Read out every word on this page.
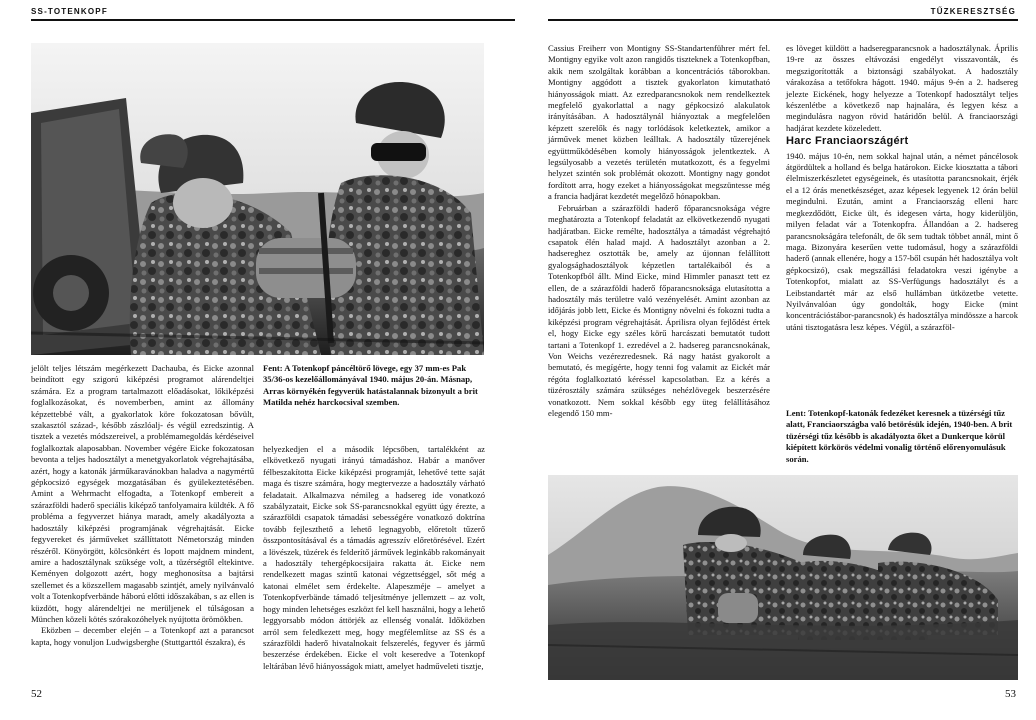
SS-TOTENKOPF	TŰZKERESZTSÉG

jelölt teljes létszám megérkezett Dachauba, és Eicke azonnal beindított egy szigorú kiképzési programot alárendeltjei számára. Ez a program tartalmazott előadásokat, lőkiképzési foglalkozásokat, és novemberben, amint az állomány képzettebbé vált, a gyakorlatok köre fokozatosan bővült, szakasztól század-, később zászlóalj- és végül ezredszintig. A tisztek a vezetés módszereivel, a problémamegoldás kérdéseivel foglalkoztak alaposabban. November végére Eicke fokozatosan bevonta a teljes hadosztályt a menetgyakorlatok végrehajtásába, azért, hogy a katonák járműkaravánokban haladva a nagymértű gépkocsizó egységek mozgatásában és gyülekeztetésében. Amint a Wehrmacht elfogadta, a Totenkopf embereit a szárazföldi haderő speciális kiképző tanfolyamaira küldték. A fő probléma a fegyverzet hiánya maradt, amely akadályozta a hadosztály kiképzési programjának végrehajtását. Eicke fegyvereket és járműveket szállíttatott Németország minden részéről. Könyörgött, kölcsönkért és lopott majdnem mindent, amire a hadosztálynak szüksége volt, a tüzérségtől eltekintve. Keményen dolgozott azért, hogy meghonosítsa a bajtársi szellemet és a közszellem magasabb szintjét, amely nyilvánvaló volt a Totenkopfverbände háború előtti időszakában, s az ellen is küzdött, hogy alárendeltjei ne merüljenek el túlságosan a München közeli kötés szórakozóhelyek nyújtotta örömökben.

Eközben – december elején – a Totenkopf azt a parancsot kapta, hogy vonuljon Ludwigsberghe (Stuttgarttól északra), és

Fent: A Totenkopf páncéltörő lövege, egy 37 mm-es Pak 35/36-os kezelőállományával 1940. május 20-án. Másnap, Arras környékén fegyverük hatástalannak bizonyult a brit Matilda nehéz harckocsival szemben.

helyezkedjen el a második lépcsőben, tartalékként az elkövetkező nyugati irányú támadáshoz. Habár a manőver félbeszakította Eicke kiképzési programját, lehetővé tette saját maga és tiszre számára, hogy megtervezze a hadosztály várható feladatait. Alkalmazva némileg a hadsereg ide vonatkozó szabályzatait, Eicke sok SS-parancsnokkal együtt úgy érezte, a szárazföldi csapatok támadási sebességére vonatkozó doktrína tovább fejleszthető a lehető legnagyobb, előretolt tűzerő összpontosításával és a támadás agresszív előretörésével. Ezért a lövészek, tüzérek és felderítő járművek leginkább rakományait a hadosztály tehergépkocsijaira rakatta át. Eicke nem rendelkezett magas szintű katonai végzettséggel, sőt még a katonai elmélet sem érdekelte. Alapeszméje – amelyet a Totenkopfverbände támadó teljesítménye jellemzett – az volt, hogy minden lehetséges eszközt fel kell használni, hogy a lehető leggyorsabb módon áttörjék az ellenség vonalát. Időközben arról sem feledkezett meg, hogy megfélemlítse az SS és a szárazföldi haderő hivatalnokait felszerelés, fegyver és jármű beszerzése érdekében. Eicke el volt keseredve a Totenkopf leltárában lévő hiányosságok miatt, amelyet hadműveleti tisztje,

52

Cassius Freiherr von Montigny SS-Standartenführer mért fel. Montigny egyike volt azon rangidős tiszteknek a Totenkopfban, akik nem szolgáltak korábban a koncentrációs táborokban. Montigny aggódott a tisztek gyakorlaton kimutatható hiányosságok miatt. Az ezredparancsnokok nem rendelkeztek megfelelő gyakorlattal a nagy gépkocsizó alakulatok irányításában. A hadosztálynál hiányoztak a megfelelően képzett szerelők és nagy torlódások keletkeztek, amikor a járművek menet közben leálltak. A hadosztály tűzerejének együttműködésében komoly hiányosságok jelentkeztek. A legsúlyosabb a vezetés területén mutatkozott, és a fegyelmi helyzet szintén sok problémát okozott. Montigny nagy gondot fordított arra, hogy ezeket a hiányosságokat megszüntesse még a francia hadjárat kezdetét megelőző hónapokban.

Februárban a szárazföldi haderő főparancsnoksága végre meghatározta a Totenkopf feladatát az elkövetkezendő nyugati hadjáratban. Eicke remélte, hadosztálya a támadást végrehajtó csapatok élén halad majd. A hadosztályt azonban a 2. hadsereghez osztották be, amely az újonnan felállított gyalogsághadosztályok képzetlen tartalékaiból és a Totenkopfból állt. Mind Eicke, mind Himmler panaszt tett ez ellen, de a szárazföldi haderő főparancsnoksága elutasította a hadosztály más területre való vezényelését. Amint azonban az időjárás jobb lett, Eicke és Montigny növelni és fokozni tudta a kiképzési program végrehajtását. Áprilisra olyan fejlődést értek el, hogy Eicke egy széles körű harcászati bemutatót tudott tartani a Totenkopf 1. ezredével a 2. hadsereg parancsnokának, Von Weichs vezérezredesnek. Rá nagy hatást gyakorolt a bemutató, és megígérte, hogy tenni fog valamit az Eickét már régóta foglalkoztató kéréssel kapcsolatban. Ez a kérés a tüzérosztály számára szükséges nehézlövegek beszerzésére vonatkozott. Nem sokkal később egy üteg felállításához elegendő 150 mm-

es löveget küldött a hadseregparancsnok a hadosztálynak. Április 19-re az összes eltávozási engedélyt visszavonták, és megszigorították a biztonsági szabályokat. A hadosztály várakozása a tetőfokra hágott. 1940. május 9-én a 2. hadsereg jelezte Eickének, hogy helyezze a Totenkopf hadosztályt teljes készenlétbe a következő nap hajnalára, és legyen kész a megindulásra nagyon rövid határidőn belül. A franciaországi hadjárat kezdete közeledett.

Harc Franciaországért

1940. május 10-én, nem sokkal hajnal után, a német páncélosok átgördültek a holland és belga határokon. Eicke kiosztatta a tábori élelmiszerkészletet egységeinek, és utasította parancsnokait, érjék el a 12 órás menetkészséget, azaz képesek legyenek 12 órán belül megindulni. Ezután, amint a Franciaország elleni harc megkezdődött, Eicke ült, és idegesen várta, hogy kiderüljön, milyen feladat vár a Totenkopfra. Állandóan a 2. hadsereg parancsnokságára telefonált, de ők sem tudtak többet annál, mint ő maga. Bizonyára keserűen vette tudomásul, hogy a szárazföldi haderő (annak ellenére, hogy a 157-ből csupán hét hadosztálya volt gépkocsizó), csak megszállási feladatokra veszi igénybe a Totenkopfot, mialatt az SS-Verfügungs hadosztályt és a Leibstandartét már az első hullámban ütközetbe vetette. Nyilvánvalóan úgy gondolták, hogy Eicke (mint koncentrációstábor-parancsnok) és hadosztálya mindössze a harcok utáni tisztogatásra lesz képes. Végül, a szárazföl-

Lent: Totenkopf-katonák fedezéket keresnek a tüzérségi tűz alatt, Franciaországba való betörésük idején, 1940-ben. A brit tüzérségi tűz később is akadályozta őket a Dunkerque körül kiépített körkörös védelmi vonalig történő előrenyomulásuk során.
53
